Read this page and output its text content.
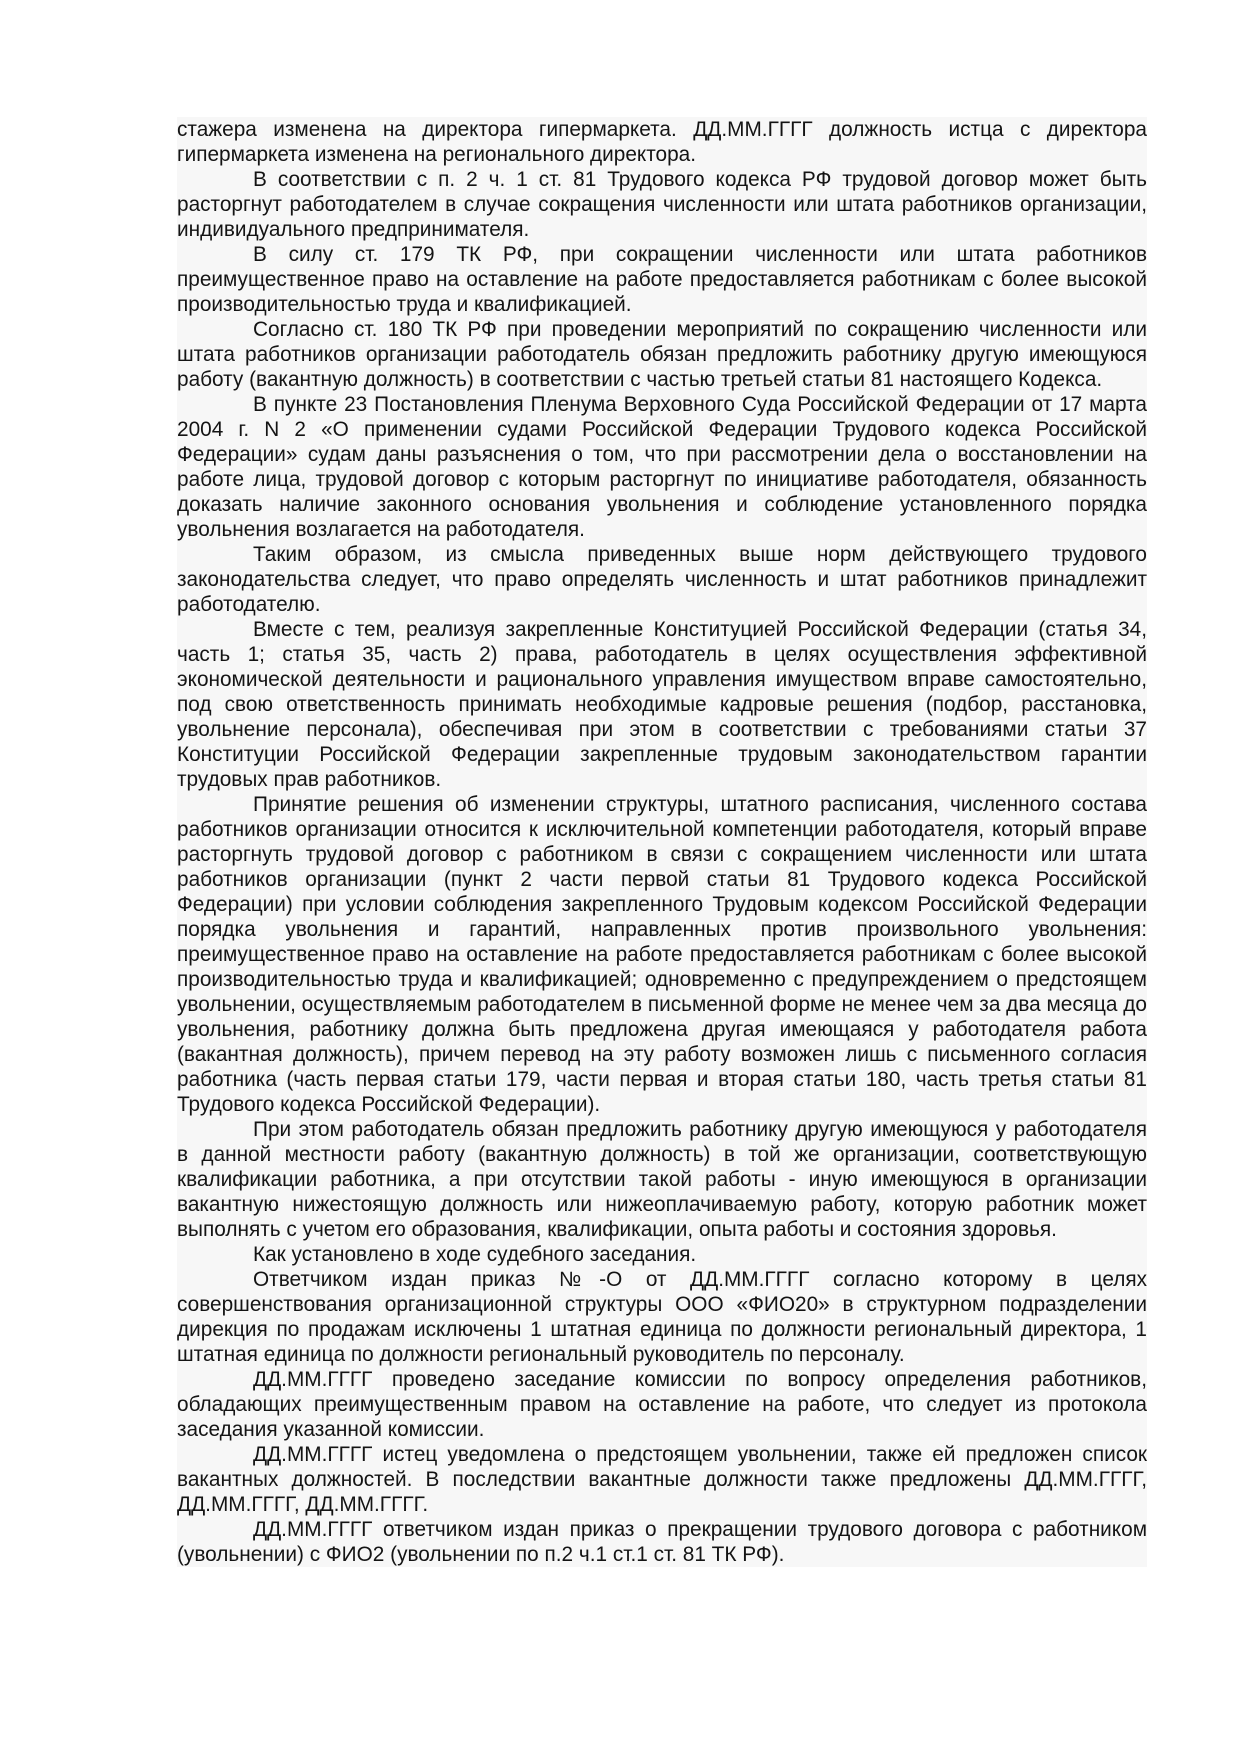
стажера изменена на директора гипермаркета. ДД.ММ.ГГГГ должность истца с директора гипермаркета изменена на регионального директора.

В соответствии с п. 2 ч. 1 ст. 81 Трудового кодекса РФ трудовой договор может быть расторгнут работодателем в случае сокращения численности или штата работников организации, индивидуального предпринимателя.

В силу ст. 179 ТК РФ, при сокращении численности или штата работников преимущественное право на оставление на работе предоставляется работникам с более высокой производительностью труда и квалификацией.

Согласно ст. 180 ТК РФ при проведении мероприятий по сокращению численности или штата работников организации работодатель обязан предложить работнику другую имеющуюся работу (вакантную должность) в соответствии с частью третьей статьи 81 настоящего Кодекса.

В пункте 23 Постановления Пленума Верховного Суда Российской Федерации от 17 марта 2004 г. N 2 «О применении судами Российской Федерации Трудового кодекса Российской Федерации» судам даны разъяснения о том, что при рассмотрении дела о восстановлении на работе лица, трудовой договор с которым расторгнут по инициативе работодателя, обязанность доказать наличие законного основания увольнения и соблюдение установленного порядка увольнения возлагается на работодателя.

Таким образом, из смысла приведенных выше норм действующего трудового законодательства следует, что право определять численность и штат работников принадлежит работодателю.

Вместе с тем, реализуя закрепленные Конституцией Российской Федерации (статья 34, часть 1; статья 35, часть 2) права, работодатель в целях осуществления эффективной экономической деятельности и рационального управления имуществом вправе самостоятельно, под свою ответственность принимать необходимые кадровые решения (подбор, расстановка, увольнение персонала), обеспечивая при этом в соответствии с требованиями статьи 37 Конституции Российской Федерации закрепленные трудовым законодательством гарантии трудовых прав работников.

Принятие решения об изменении структуры, штатного расписания, численного состава работников организации относится к исключительной компетенции работодателя, который вправе расторгнуть трудовой договор с работником в связи с сокращением численности или штата работников организации (пункт 2 части первой статьи 81 Трудового кодекса Российской Федерации) при условии соблюдения закрепленного Трудовым кодексом Российской Федерации порядка увольнения и гарантий, направленных против произвольного увольнения: преимущественное право на оставление на работе предоставляется работникам с более высокой производительностью труда и квалификацией; одновременно с предупреждением о предстоящем увольнении, осуществляемым работодателем в письменной форме не менее чем за два месяца до увольнения, работнику должна быть предложена другая имеющаяся у работодателя работа (вакантная должность), причем перевод на эту работу возможен лишь с письменного согласия работника (часть первая статьи 179, части первая и вторая статьи 180, часть третья статьи 81 Трудового кодекса Российской Федерации).

При этом работодатель обязан предложить работнику другую имеющуюся у работодателя в данной местности работу (вакантную должность) в той же организации, соответствующую квалификации работника, а при отсутствии такой работы - иную имеющуюся в организации вакантную нижестоящую должность или нижеоплачиваемую работу, которую работник может выполнять с учетом его образования, квалификации, опыта работы и состояния здоровья.

Как установлено в ходе судебного заседания.

Ответчиком издан приказ №-О от ДД.ММ.ГГГГ согласно которому в целях совершенствования организационной структуры ООО «ФИО20» в структурном подразделении дирекция по продажам исключены 1 штатная единица по должности региональный директора, 1 штатная единица по должности региональный руководитель по персоналу.

ДД.ММ.ГГГГ проведено заседание комиссии по вопросу определения работников, обладающих преимущественным правом на оставление на работе, что следует из протокола заседания указанной комиссии.

ДД.ММ.ГГГГ истец уведомлена о предстоящем увольнении, также ей предложен список вакантных должностей. В последствии вакантные должности также предложены ДД.ММ.ГГГГ, ДД.ММ.ГГГГ, ДД.ММ.ГГГГ.

ДД.ММ.ГГГГ ответчиком издан приказ о прекращении трудового договора с работником (увольнении) с ФИО2 (увольнении по п.2 ч.1 ст.1 ст. 81 ТК РФ).
